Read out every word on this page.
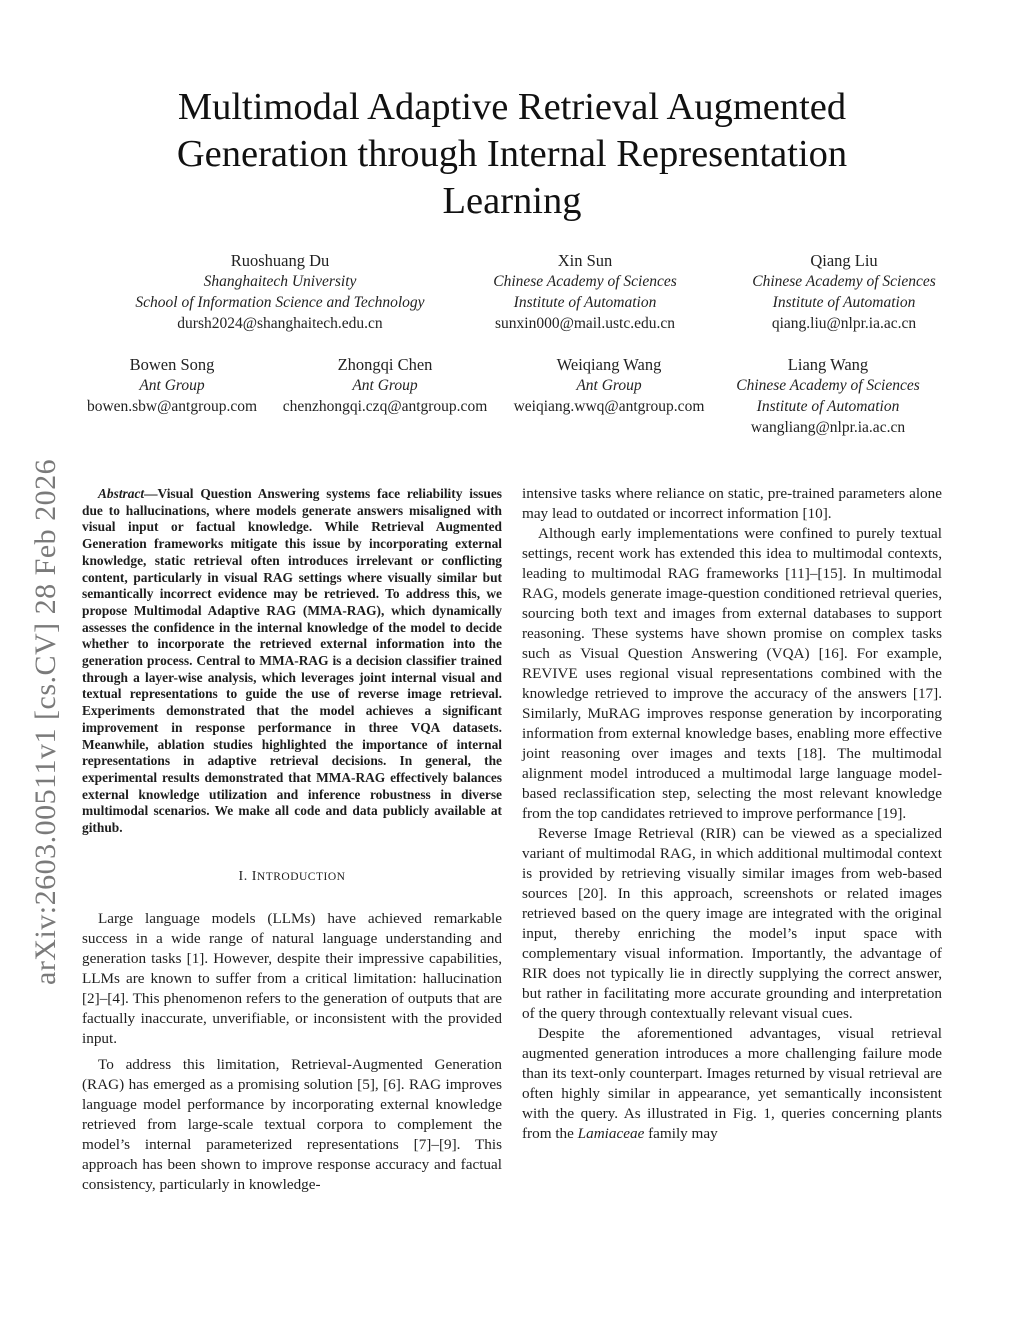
arXiv:2603.00511v1 [cs.CV] 28 Feb 2026
Multimodal Adaptive Retrieval Augmented Generation through Internal Representation Learning
Ruoshuang Du
Shanghaitech University
School of Information Science and Technology
dursh2024@shanghaitech.edu.cn
Xin Sun
Chinese Academy of Sciences
Institute of Automation
sunxin000@mail.ustc.edu.cn
Qiang Liu
Chinese Academy of Sciences
Institute of Automation
qiang.liu@nlpr.ia.ac.cn
Bowen Song
Ant Group
bowen.sbw@antgroup.com
Zhongqi Chen
Ant Group
chenzhongqi.czq@antgroup.com
Weiqiang Wang
Ant Group
weiqiang.wwq@antgroup.com
Liang Wang
Chinese Academy of Sciences
Institute of Automation
wangliang@nlpr.ia.ac.cn

Abstract—Visual Question Answering systems face reliability issues due to hallucinations, where models generate answers misaligned with visual input or factual knowledge. While Retrieval Augmented Generation frameworks mitigate this issue by incorporating external knowledge, static retrieval often introduces irrelevant or conflicting content, particularly in visual RAG settings where visually similar but semantically incorrect evidence may be retrieved. To address this, we propose Multimodal Adaptive RAG (MMA-RAG), which dynamically assesses the confidence in the internal knowledge of the model to decide whether to incorporate the retrieved external information into the generation process. Central to MMA-RAG is a decision classifier trained through a layer-wise analysis, which leverages joint internal visual and textual representations to guide the use of reverse image retrieval. Experiments demonstrated that the model achieves a significant improvement in response performance in three VQA datasets. Meanwhile, ablation studies highlighted the importance of internal representations in adaptive retrieval decisions. In general, the experimental results demonstrated that MMA-RAG effectively balances external knowledge utilization and inference robustness in diverse multimodal scenarios. We make all code and data publicly available at github.

I. INTRODUCTION

Large language models (LLMs) have achieved remarkable success in a wide range of natural language understanding and generation tasks [1]. However, despite their impressive capabilities, LLMs are known to suffer from a critical limitation: hallucination [2]–[4]. This phenomenon refers to the generation of outputs that are factually inaccurate, unverifiable, or inconsistent with the provided input.

To address this limitation, Retrieval-Augmented Generation (RAG) has emerged as a promising solution [5], [6]. RAG improves language model performance by incorporating external knowledge retrieved from large-scale textual corpora to complement the model’s internal parameterized representations [7]–[9]. This approach has been shown to improve response accuracy and factual consistency, particularly in knowledge-

intensive tasks where reliance on static, pre-trained parameters alone may lead to outdated or incorrect information [10].

Although early implementations were confined to purely textual settings, recent work has extended this idea to multimodal contexts, leading to multimodal RAG frameworks [11]–[15]. In multimodal RAG, models generate image-question conditioned retrieval queries, sourcing both text and images from external databases to support reasoning. These systems have shown promise on complex tasks such as Visual Question Answering (VQA) [16]. For example, REVIVE uses regional visual representations combined with the knowledge retrieved to improve the accuracy of the answers [17]. Similarly, MuRAG improves response generation by incorporating information from external knowledge bases, enabling more effective joint reasoning over images and texts [18]. The multimodal alignment model introduced a multimodal large language model-based reclassification step, selecting the most relevant knowledge from the top candidates retrieved to improve performance [19].

Reverse Image Retrieval (RIR) can be viewed as a specialized variant of multimodal RAG, in which additional multimodal context is provided by retrieving visually similar images from web-based sources [20]. In this approach, screenshots or related images retrieved based on the query image are integrated with the original input, thereby enriching the model’s input space with complementary visual information. Importantly, the advantage of RIR does not typically lie in directly supplying the correct answer, but rather in facilitating more accurate grounding and interpretation of the query through contextually relevant visual cues.

Despite the aforementioned advantages, visual retrieval augmented generation introduces a more challenging failure mode than its text-only counterpart. Images returned by visual retrieval are often highly similar in appearance, yet semantically inconsistent with the query. As illustrated in Fig. 1, queries concerning plants from the Lamiaceae family may
